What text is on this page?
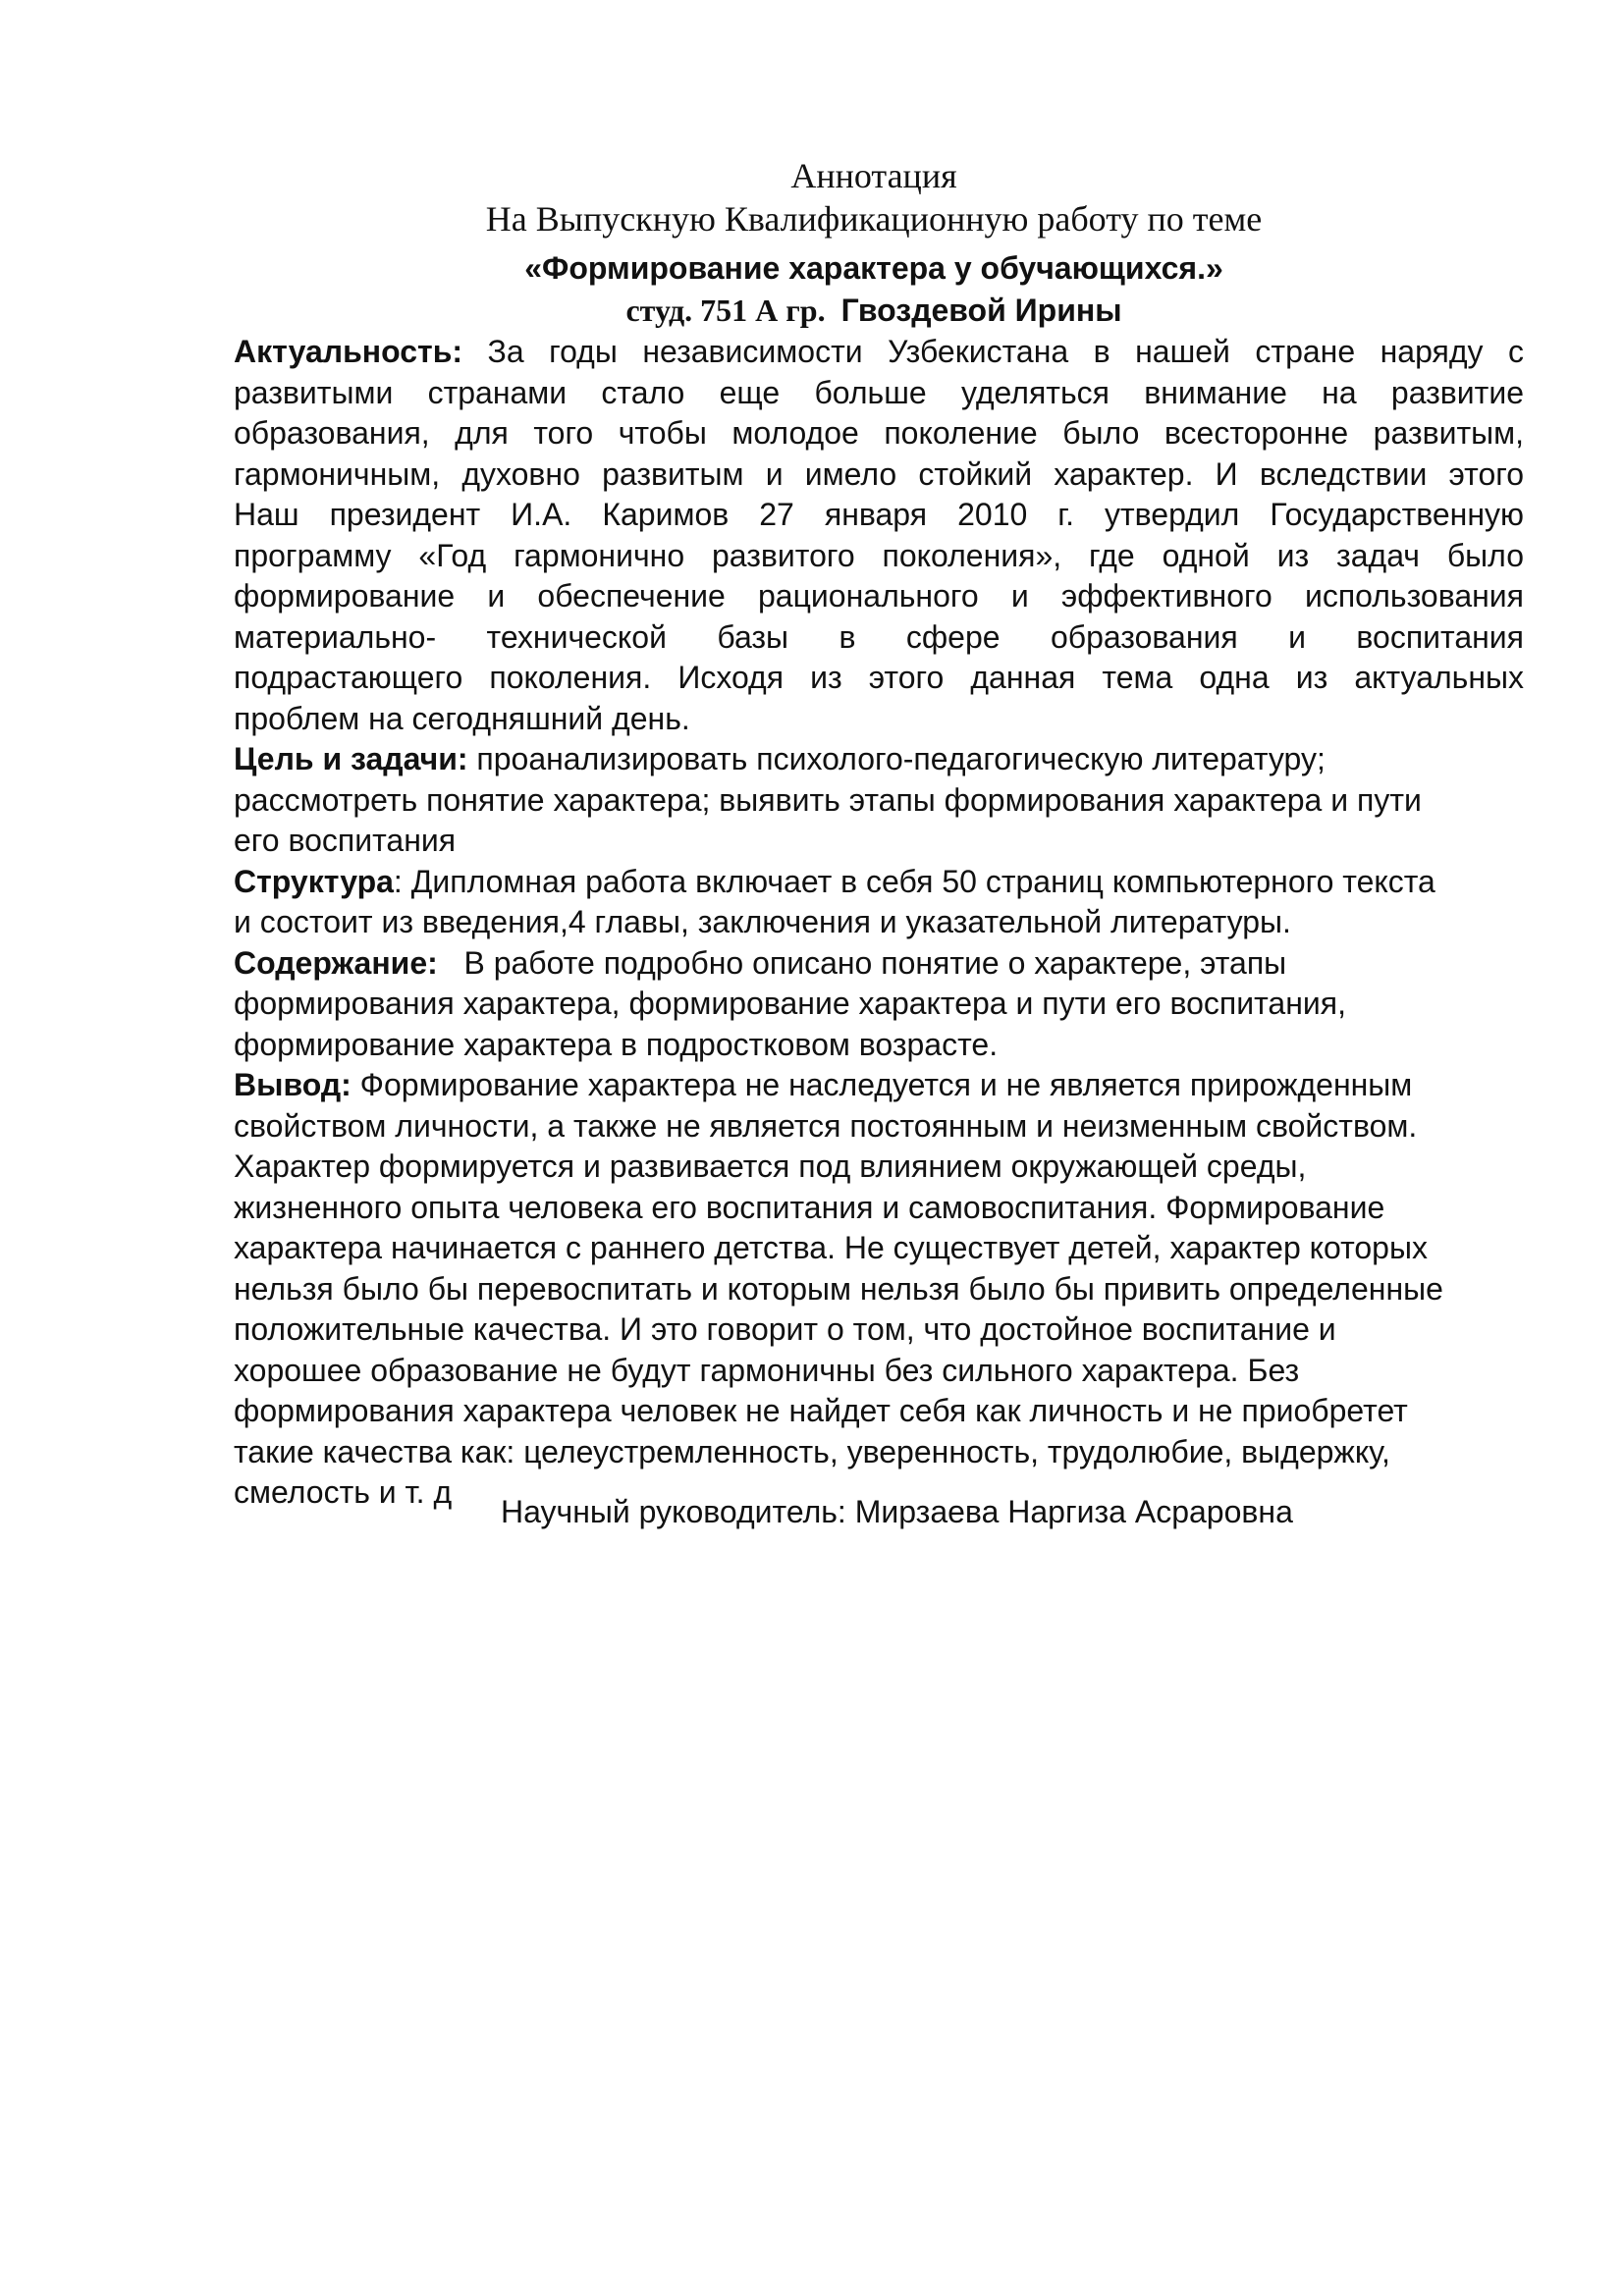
Аннотация

На Выпускную Квалификационную работу по теме

«Формирование характера у обучающихся.»

студ. 751 А гр. Гвоздевой Ирины

Актуальность: За годы независимости Узбекистана в нашей стране наряду с
развитыми странами стало еще больше уделяться внимание на развитие
образования, для того чтобы молодое поколение было всесторонне развитым,
гармоничным, духовно развитым и имело стойкий характер. И вследствии этого
Наш президент И.А. Каримов 27 января 2010 г. утвердил Государственную
программу «Год гармонично развитого поколения», где одной из задач было
формирование и обеспечение рационального и эффективного использования
материально- технической базы в сфере образования и воспитания
подрастающего поколения. Исходя из этого данная тема одна из актуальных
проблем на сегодняшний день.
Цель и задачи: проанализировать психолого-педагогическую литературу;
рассмотреть понятие характера; выявить этапы формирования характера и пути
его воспитания
Структура: Дипломная работа включает в себя 50 страниц компьютерного текста
и состоит из введения,4 главы, заключения и указательной литературы.
Содержание: В работе подробно описано понятие о характере, этапы
формирования характера, формирование характера и пути его воспитания,
формирование характера в подростковом возрасте.
Вывод: Формирование характера не наследуется и не является прирожденным
свойством личности, а также не является постоянным и неизменным свойством.
Характер формируется и развивается под влиянием окружающей среды,
жизненного опыта человека его воспитания и самовоспитания. Формирование
характера начинается с раннего детства. Не существует детей, характер которых
нельзя было бы перевоспитать и которым нельзя было бы привить определенные
положительные качества. И это говорит о том, что достойное воспитание и
хорошее образование не будут гармоничны без сильного характера. Без
формирования характера человек не найдет себя как личность и не приобретет
такие качества как: целеустремленность, уверенность, трудолюбие, выдержку,
смелость и т. д

Научный руководитель: Мирзаева Наргиза Асраровна
